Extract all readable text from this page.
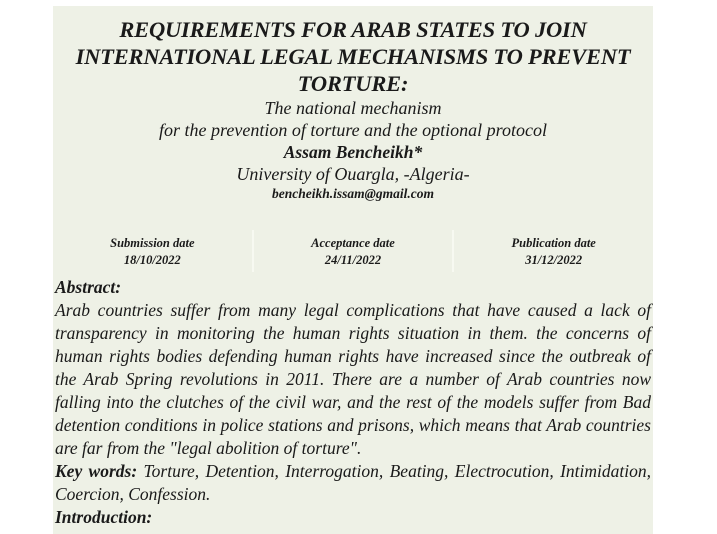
REQUIREMENTS FOR ARAB STATES TO JOIN
INTERNATIONAL LEGAL MECHANISMS TO PREVENT
TORTURE:
The national mechanism
for the prevention of torture and the optional protocol
Assam Bencheikh*
University of Ouargla, -Algeria-
bencheikh.issam@gmail.com
Submission date
18/10/2022
Acceptance date
24/11/2022
Publication date
31/12/2022
Abstract:

Arab countries suffer from many legal complications that have caused a lack of transparency in monitoring the human rights situation in them. the concerns of human rights bodies defending human rights have increased since the outbreak of the Arab Spring revolutions in 2011. There are a number of Arab countries now falling into the clutches of the civil war, and the rest of the models suffer from Bad detention conditions in police stations and prisons, which means that Arab countries are far from the "legal abolition of torture".

Key words: Torture, Detention, Interrogation, Beating, Electrocution, Intimidation, Coercion, Confession.

Introduction:
